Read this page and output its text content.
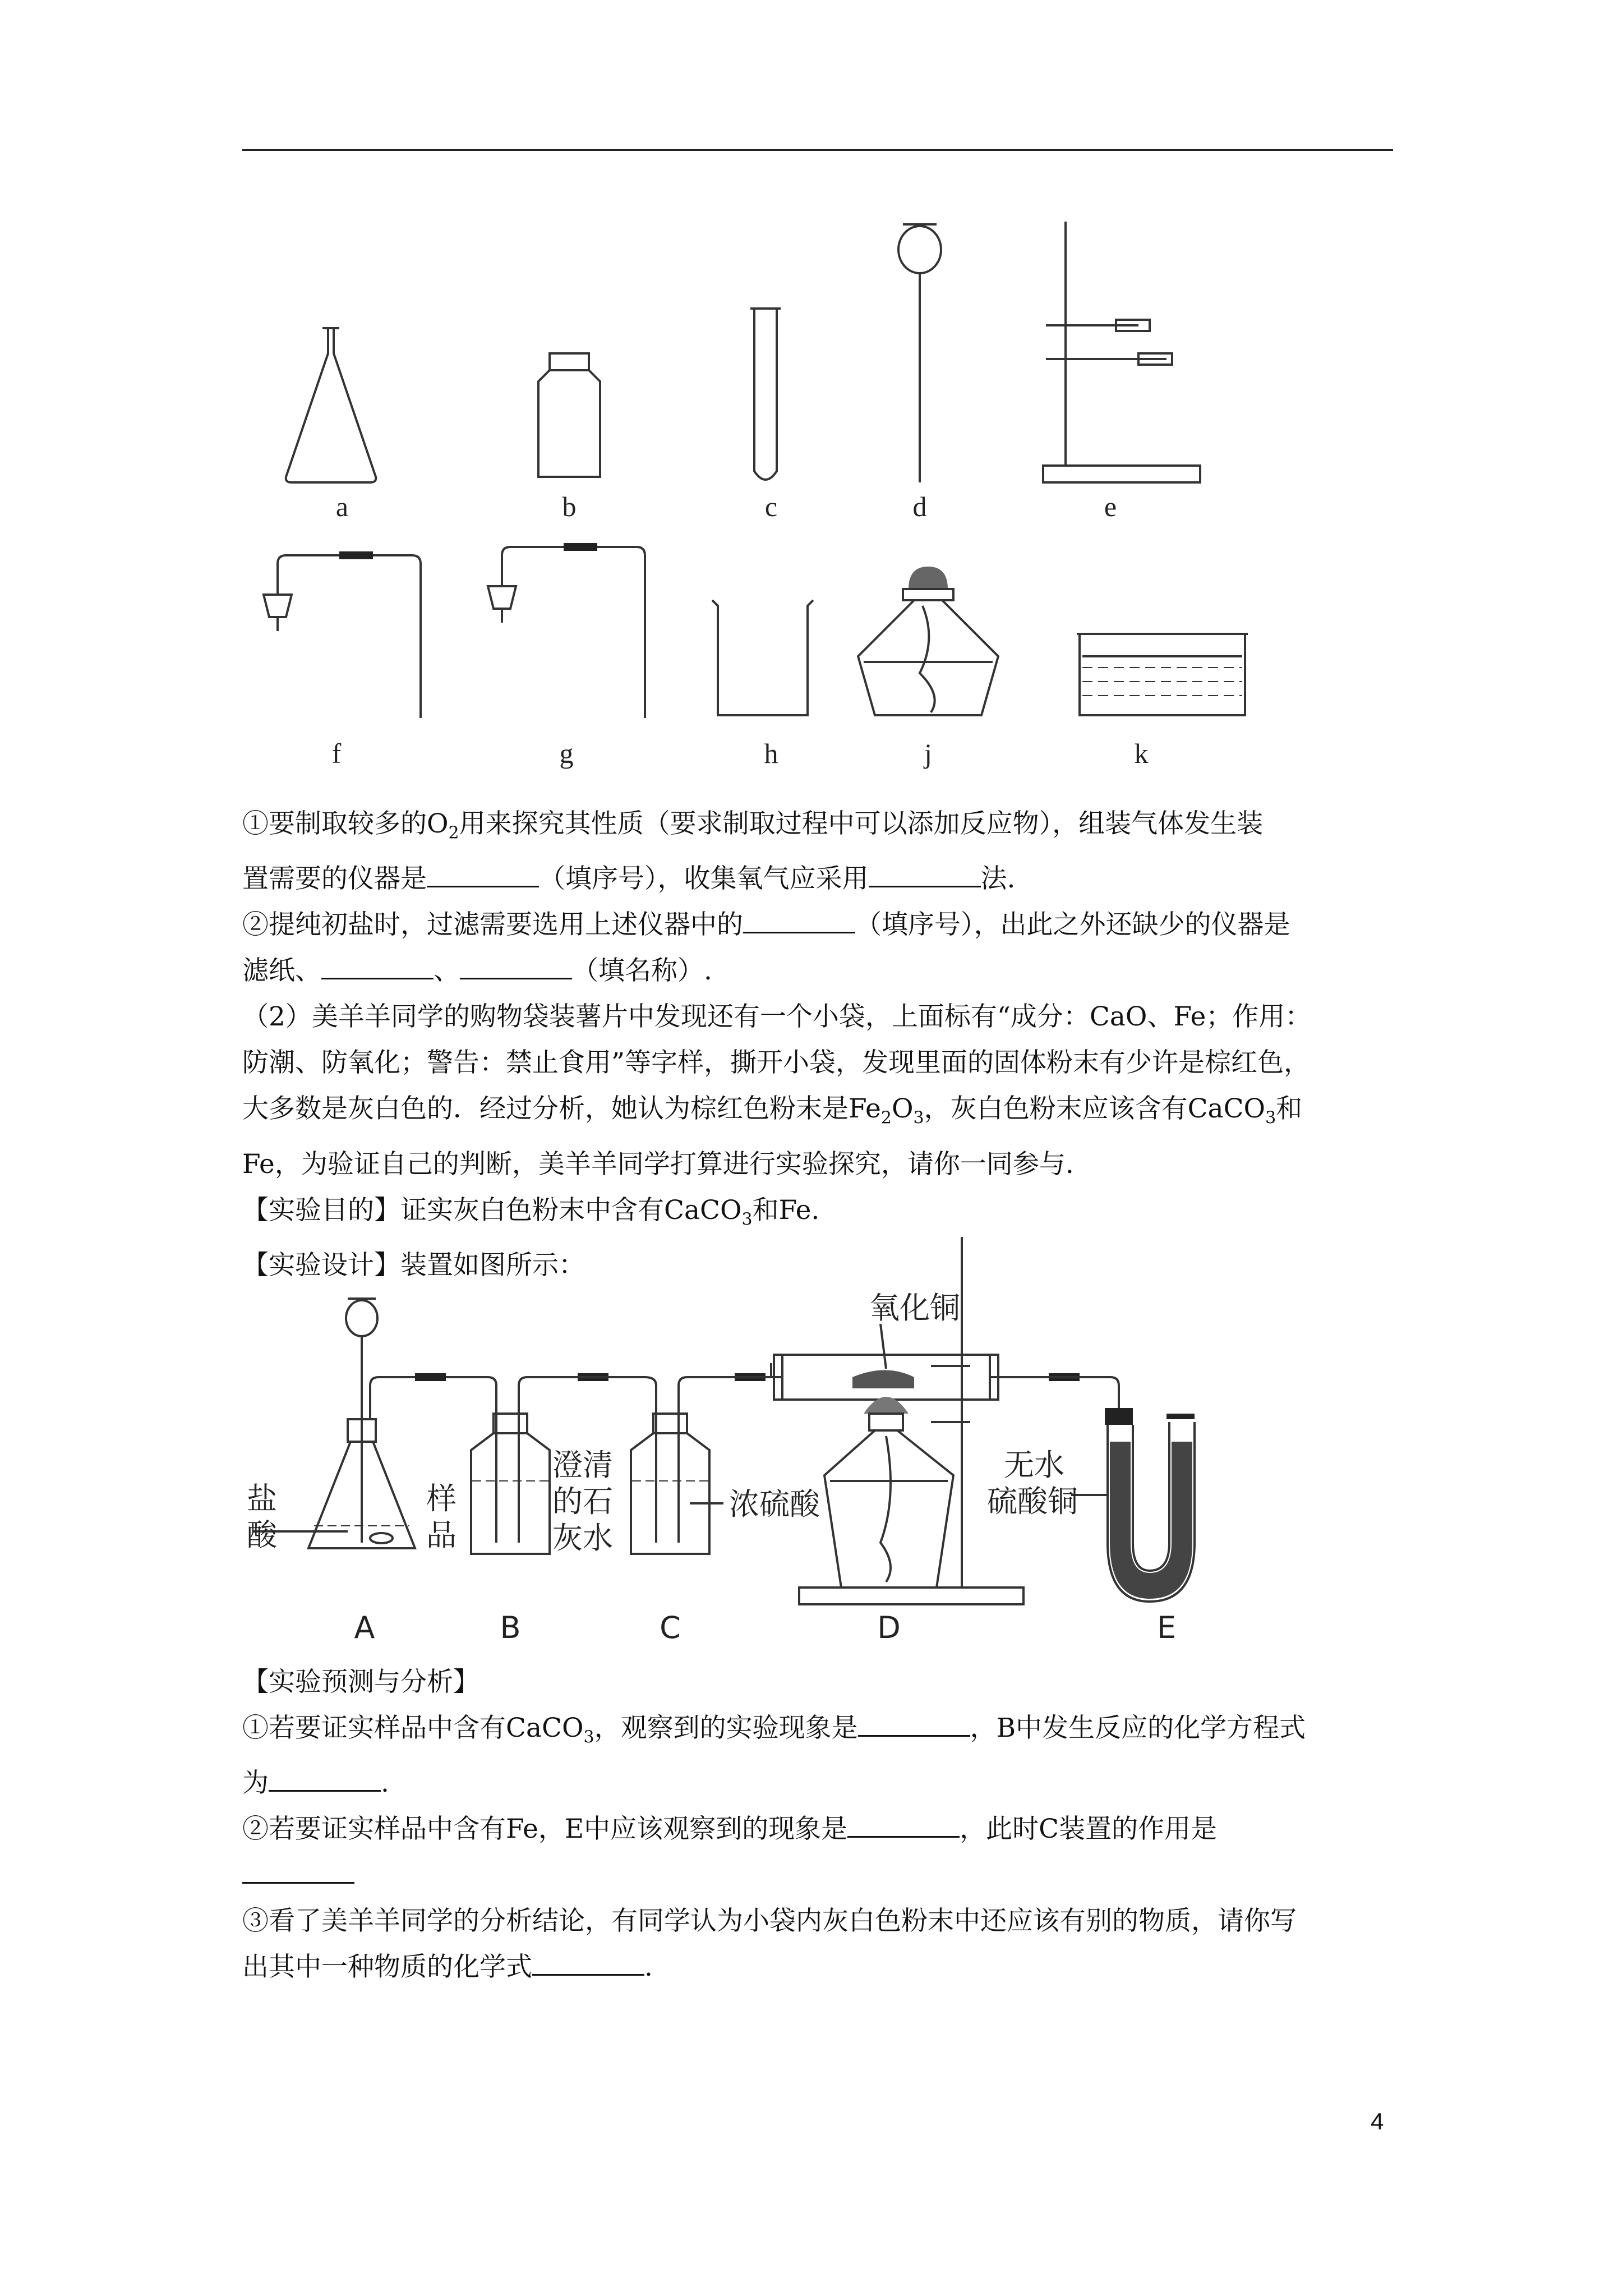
a	b	c	d	e
f	g	h	j	k

①要制取较多的$O_2$用来探究其性质（要求制取过程中可以添加反应物），组装气体发生装

置需要的仪器是	（填序号），收集氧气应采用	法.

②提纯初盐时，过滤需要选用上述仪器中的	（填序号），出此之外还缺少的仪器是

滤纸、	、	（填名称）.

（2）美羊羊同学的购物袋装薯片中发现还有一个小袋，上面标有“成分：CaO、Fe；作用：

防潮、防氧化；警告：禁止食用”等字样，撕开小袋，发现里面的固体粉末有少许是棕红色，

大多数是灰白色的．经过分析，她认为棕红色粉末是$Fe_2O_3$，灰白色粉末应该含有CaCO$_3$和

Fe，为验证自己的判断，美羊羊同学打算进行实验探究，请你一同参与.

【实验目的】证实灰白色粉末中含有CaCO$_3$和Fe.

【实验设计】装置如图所示：

盐
酸
样
品
澄清
的石
灰水
浓硫酸
氧化铜
无水
硫酸铜
A	B	C	D	E

【实验预测与分析】

①若要证实样品中含有CaCO$_3$，观察到的实验现象是	，B中发生反应的化学方程式

为	.

②若要证实样品中含有Fe，E中应该观察到的现象是	，此时C装置的作用是

③看了美羊羊同学的分析结论，有同学认为小袋内灰白色粉末中还应该有别的物质，请你写

出其中一种物质的化学式	.

4
